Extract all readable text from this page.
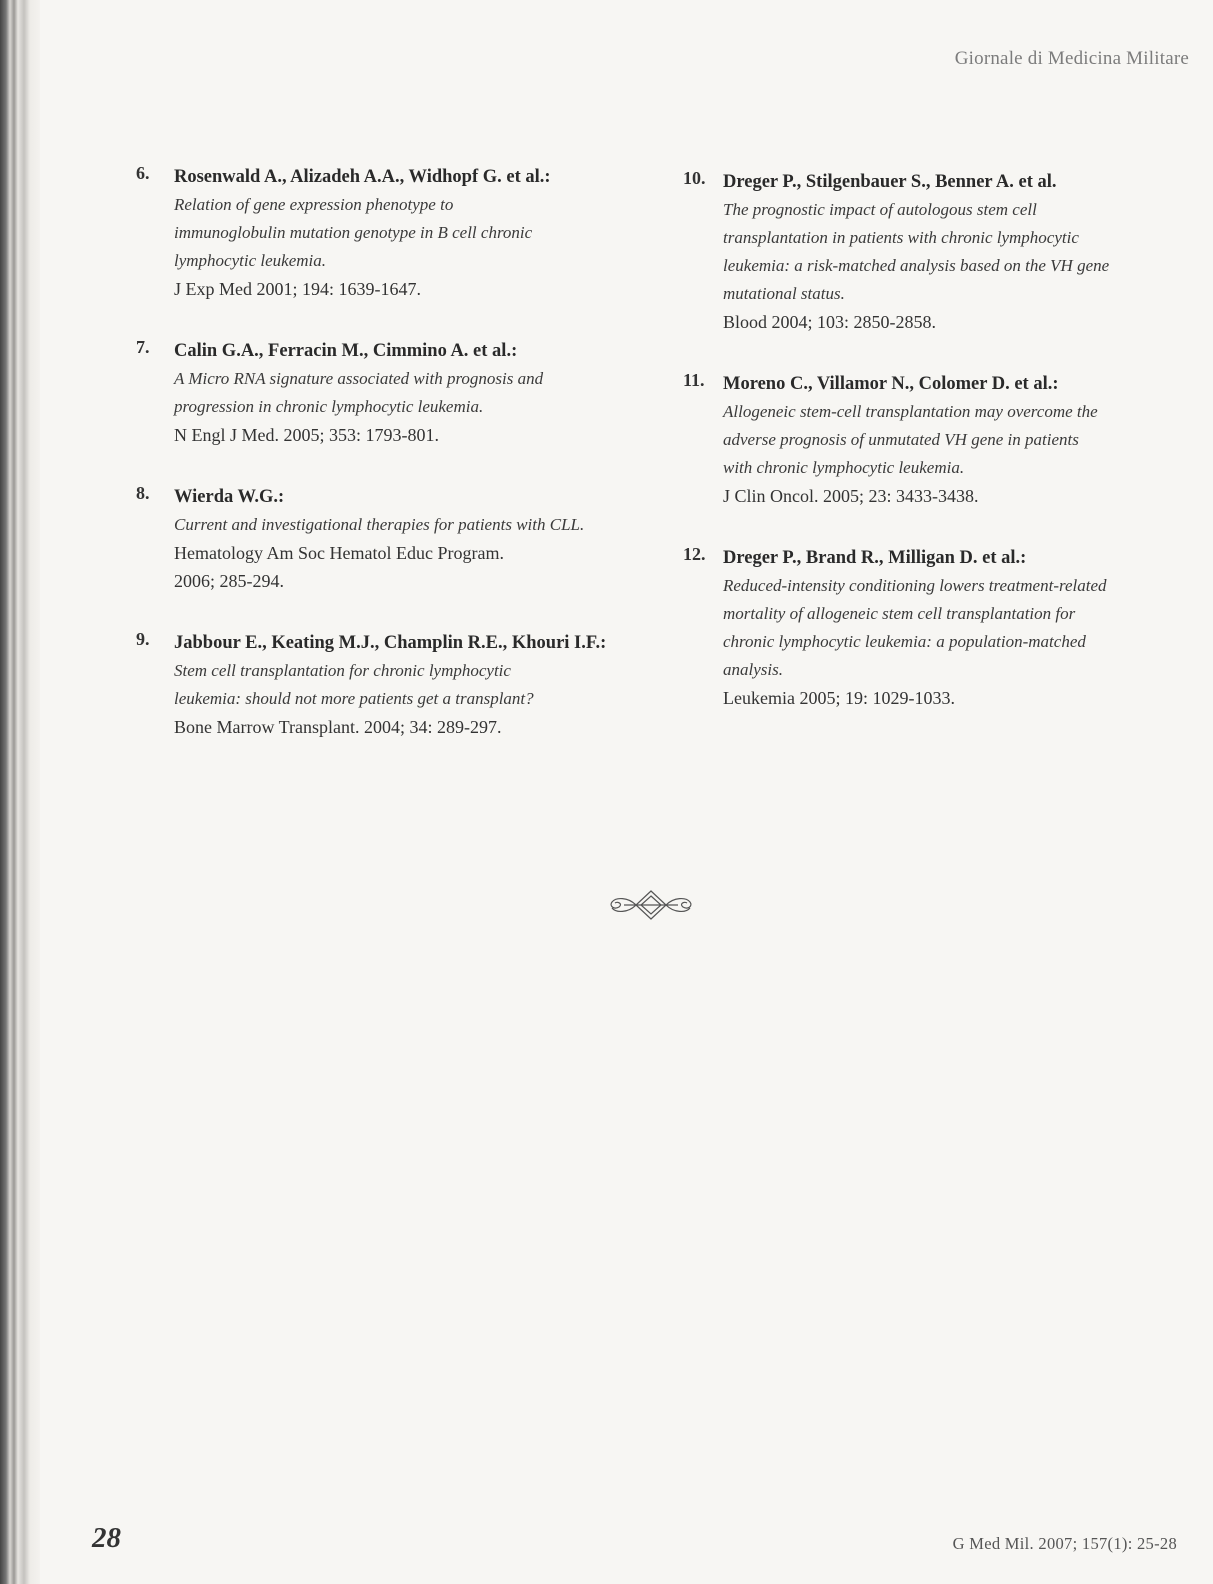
Giornale di Medicina Militare
6. Rosenwald A., Alizadeh A.A., Widhopf G. et al.:
Relation of gene expression phenotype to
immunoglobulin mutation genotype in B cell chronic
lymphocytic leukemia.
J Exp Med 2001; 194: 1639-1647.
7. Calin G.A., Ferracin M., Cimmino A. et al.:
A Micro RNA signature associated with prognosis and
progression in chronic lymphocytic leukemia.
N Engl J Med. 2005; 353: 1793-801.
8. Wierda W.G.:
Current and investigational therapies for patients with CLL.
Hematology Am Soc Hematol Educ Program.
2006; 285-294.
9. Jabbour E., Keating M.J., Champlin R.E., Khouri I.F.:
Stem cell transplantation for chronic lymphocytic
leukemia: should not more patients get a transplant?
Bone Marrow Transplant. 2004; 34: 289-297.
10. Dreger P., Stilgenbauer S., Benner A. et al.
The prognostic impact of autologous stem cell
transplantation in patients with chronic lymphocytic
leukemia: a risk-matched analysis based on the VH gene
mutational status.
Blood 2004; 103: 2850-2858.
11. Moreno C., Villamor N., Colomer D. et al.:
Allogeneic stem-cell transplantation may overcome the
adverse prognosis of unmutated VH gene in patients
with chronic lymphocytic leukemia.
J Clin Oncol. 2005; 23: 3433-3438.
12. Dreger P., Brand R., Milligan D. et al.:
Reduced-intensity conditioning lowers treatment-related
mortality of allogeneic stem cell transplantation for
chronic lymphocytic leukemia: a population-matched
analysis.
Leukemia 2005; 19: 1029-1033.
28	G Med Mil. 2007; 157(1): 25-28
